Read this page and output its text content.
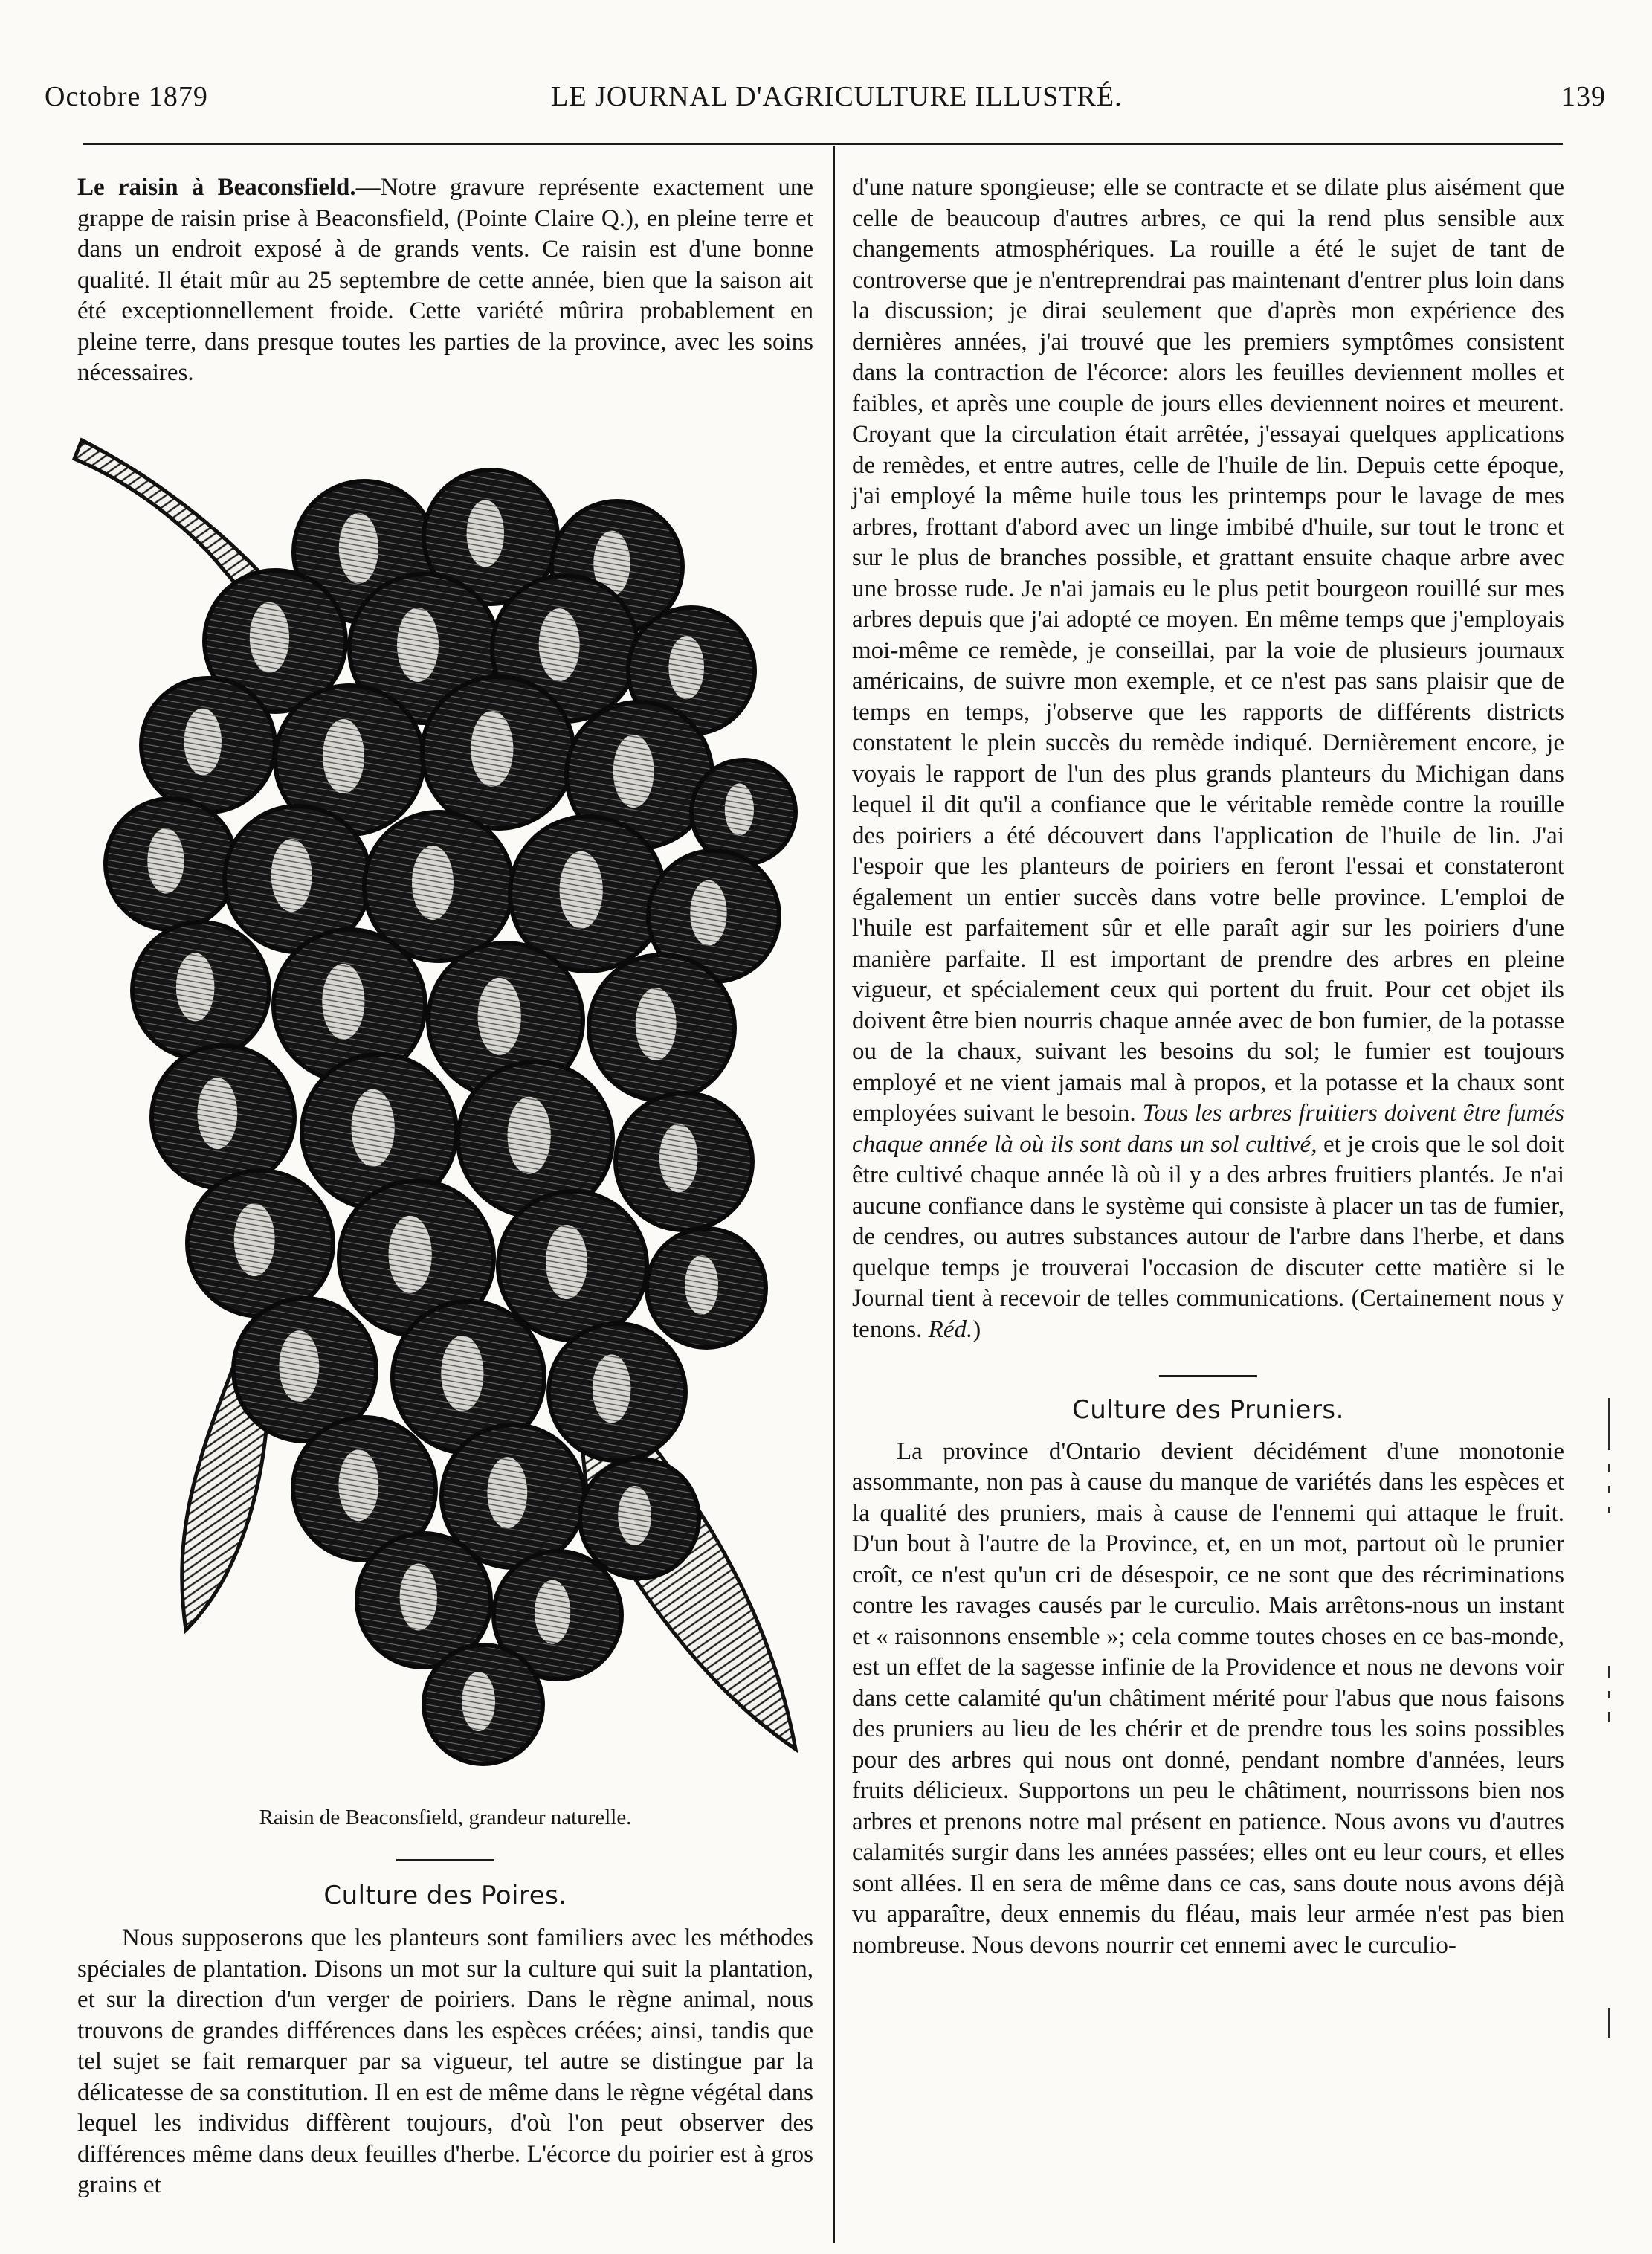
Octobre 1879	LE JOURNAL D'AGRICULTURE ILLUSTRÉ.	139

Le raisin à Beaconsfield.—Notre gravure représente exactement une grappe de raisin prise à Beaconsfield, (Pointe Claire Q.), en pleine terre et dans un endroit exposé à de grands vents. Ce raisin est d'une bonne qualité. Il était mûr au 25 septembre de cette année, bien que la saison ait été exceptionnellement froide. Cette variété mûrira probablement en pleine terre, dans presque toutes les parties de la province, avec les soins nécessaires.

Raisin de Beaconsfield, grandeur naturelle.

Culture des Poires.

Nous supposerons que les planteurs sont familiers avec les méthodes spéciales de plantation. Disons un mot sur la culture qui suit la plantation, et sur la direction d'un verger de poiriers. Dans le règne animal, nous trouvons de grandes différences dans les espèces créées; ainsi, tandis que tel sujet se fait remarquer par sa vigueur, tel autre se distingue par la délicatesse de sa constitution. Il en est de même dans le règne végétal dans lequel les individus diffèrent toujours, d'où l'on peut observer des différences même dans deux feuilles d'herbe. L'écorce du poirier est à gros grains et

d'une nature spongieuse; elle se contracte et se dilate plus aisément que celle de beaucoup d'autres arbres, ce qui la rend plus sensible aux changements atmosphériques. La rouille a été le sujet de tant de controverse que je n'entreprendrai pas maintenant d'entrer plus loin dans la discussion; je dirai seulement que d'après mon expérience des dernières années, j'ai trouvé que les premiers symptômes consistent dans la contraction de l'écorce: alors les feuilles deviennent molles et faibles, et après une couple de jours elles deviennent noires et meurent. Croyant que la circulation était arrêtée, j'essayai quelques applications de remèdes, et entre autres, celle de l'huile de lin. Depuis cette époque, j'ai employé la même huile tous les printemps pour le lavage de mes arbres, frottant d'abord avec un linge imbibé d'huile, sur tout le tronc et sur le plus de branches possible, et grattant ensuite chaque arbre avec une brosse rude. Je n'ai jamais eu le plus petit bourgeon rouillé sur mes arbres depuis que j'ai adopté ce moyen. En même temps que j'employais moi-même ce remède, je conseillai, par la voie de plusieurs journaux américains, de suivre mon exemple, et ce n'est pas sans plaisir que de temps en temps, j'observe que les rapports de différents districts constatent le plein succès du remède indiqué. Dernièrement encore, je voyais le rapport de l'un des plus grands planteurs du Michigan dans lequel il dit qu'il a confiance que le véritable remède contre la rouille des poiriers a été découvert dans l'application de l'huile de lin. J'ai l'espoir que les planteurs de poiriers en feront l'essai et constateront également un entier succès dans votre belle province. L'emploi de l'huile est parfaitement sûr et elle paraît agir sur les poiriers d'une manière parfaite. Il est important de prendre des arbres en pleine vigueur, et spécialement ceux qui portent du fruit. Pour cet objet ils doivent être bien nourris chaque année avec de bon fumier, de la potasse ou de la chaux, suivant les besoins du sol; le fumier est toujours employé et ne vient jamais mal à propos, et la potasse et la chaux sont employées suivant le besoin. Tous les arbres fruitiers doivent être fumés chaque année là où ils sont dans un sol cultivé, et je crois que le sol doit être cultivé chaque année là où il y a des arbres fruitiers plantés. Je n'ai aucune confiance dans le système qui consiste à placer un tas de fumier, de cendres, ou autres substances autour de l'arbre dans l'herbe, et dans quelque temps je trouverai l'occasion de discuter cette matière si le Journal tient à recevoir de telles communications. (Certainement nous y tenons. Réd.)

Culture des Pruniers.

La province d'Ontario devient décidément d'une monotonie assommante, non pas à cause du manque de variétés dans les espèces et la qualité des pruniers, mais à cause de l'ennemi qui attaque le fruit. D'un bout à l'autre de la Province, et, en un mot, partout où le prunier croît, ce n'est qu'un cri de désespoir, ce ne sont que des récriminations contre les ravages causés par le curculio. Mais arrêtons-nous un instant et « raisonnons ensemble »; cela comme toutes choses en ce bas-monde, est un effet de la sagesse infinie de la Providence et nous ne devons voir dans cette calamité qu'un châtiment mérité pour l'abus que nous faisons des pruniers au lieu de les chérir et de prendre tous les soins possibles pour des arbres qui nous ont donné, pendant nombre d'années, leurs fruits délicieux. Supportons un peu le châtiment, nourrissons bien nos arbres et prenons notre mal présent en patience. Nous avons vu d'autres calamités surgir dans les années passées; elles ont eu leur cours, et elles sont allées. Il en sera de même dans ce cas, sans doute nous avons déjà vu apparaître, deux ennemis du fléau, mais leur armée n'est pas bien nombreuse. Nous devons nourrir cet ennemi avec le curculio-
